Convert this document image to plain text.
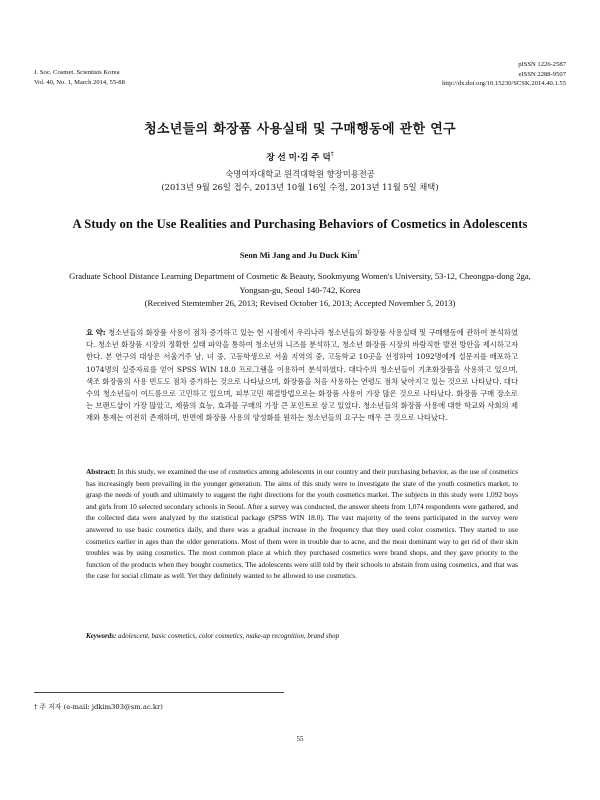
J. Soc. Cosmet. Scientists Korea
Vol. 40, No. 1, March 2014, 55-88
pISSN 1226-2587
eISSN 2288-9507
http://dx.doi.org/10.15230/SCSK.2014.40.1.55
청소년들의 화장품 사용실태 및 구매행동에 관한 연구
장 선 미·김 주 덕†
숙명여자대학교 원격대학원 향장미용전공
(2013년 9월 26일 접수, 2013년 10월 16일 수정, 2013년 11월 5일 채택)
A Study on the Use Realities and Purchasing Behaviors of Cosmetics in Adolescents
Seon Mi Jang and Ju Duck Kim†
Graduate School Distance Learning Department of Cosmetic & Beauty, Sookmyung Women's University, 53-12, Cheongpa-dong 2ga, Yongsan-gu, Seoul 140-742, Korea
(Received Stemtember 26, 2013; Revised October 16, 2013; Accepted November 5, 2013)
요 약: 청소년들의 화장품 사용이 점차 증가하고 있는 현 시점에서 우리나라 청소년들의 화장품 사용실태 및 구매행동에 관하여 분석하였다. 청소년 화장품 시장의 정확한 실태 파악을 통하여 청소년의 니즈를 분석하고, 청소년 화장품 시장의 바람직한 발전 방안을 제시하고자 한다. 본 연구의 대상은 서울거주 남, 녀 중, 고등학생으로 서울 지역의 중, 고등학교 10곳을 선정하여 1092명에게 설문지를 배포하고 1074명의 실증자료를 얻어 SPSS WIN 18.0 프로그램을 이용하여 분석하였다. 대다수의 청소년들이 기초화장품을 사용하고 있으며, 색조 화장품의 사용 빈도도 점차 증가하는 것으로 나타났으며, 화장품을 처음 사용하는 연령도 점차 낮아지고 있는 것으로 나타났다. 대다수의 청소년들이 여드름으로 고민하고 있으며, 피부고민 해결방법으로는 화장품 사용이 가장 많은 것으로 나타났다. 화장품 구매 장소로는 브랜드샵이 가장 많았고, 제품의 효능, 효과를 구매의 가장 큰 포인트로 삼고 있었다. 청소년들의 화장품 사용에 대한 학교와 사회의 제재와 통제는 여전히 존재하며, 반면에 화장품 사용의 양성화를 원하는 청소년들의 요구는 매우 큰 것으로 나타났다.
Abstract: In this study, we examined the use of cosmetics among adolescents in our country and their purchasing behavior, as the use of cosmetics has increasingly been prevailing in the younger generation. The aims of this study were to investigate the state of the youth cosmetics market, to grasp the needs of youth and ultimately to suggest the right directions for the youth cosmetics market. The subjects in this study were 1,092 boys and girls from 10 selected secondary schools in Seoul. After a survey was conducted, the answer sheets from 1,074 respondents were gathered, and the collected data were analyzed by the statistical package (SPSS WIN 18.0). The vast majority of the teens participated in the survey were answered to use basic cosmetics daily, and there was a gradual increase in the frequency that they used color cosmetics. They started to use cosmetics earlier in ages than the older generations. Most of them were in trouble due to acne, and the most dominant way to get rid of their skin troubles was by using cosmetics. The most common place at which they purchased cosmetics were brand shops, and they gave priority to the function of the products when they bought cosmetics. The adolescents were still told by their schools to abstain from using cosmetics, and that was the case for social climate as well. Yet they definitely wanted to be allowed to use cosmetics.
Keywords: adolescent, basic cosmetics, color cosmetics, make-up recognition, brand shop
† 주 저자 (e-mail: jdkim303@sm.ac.kr)
55
